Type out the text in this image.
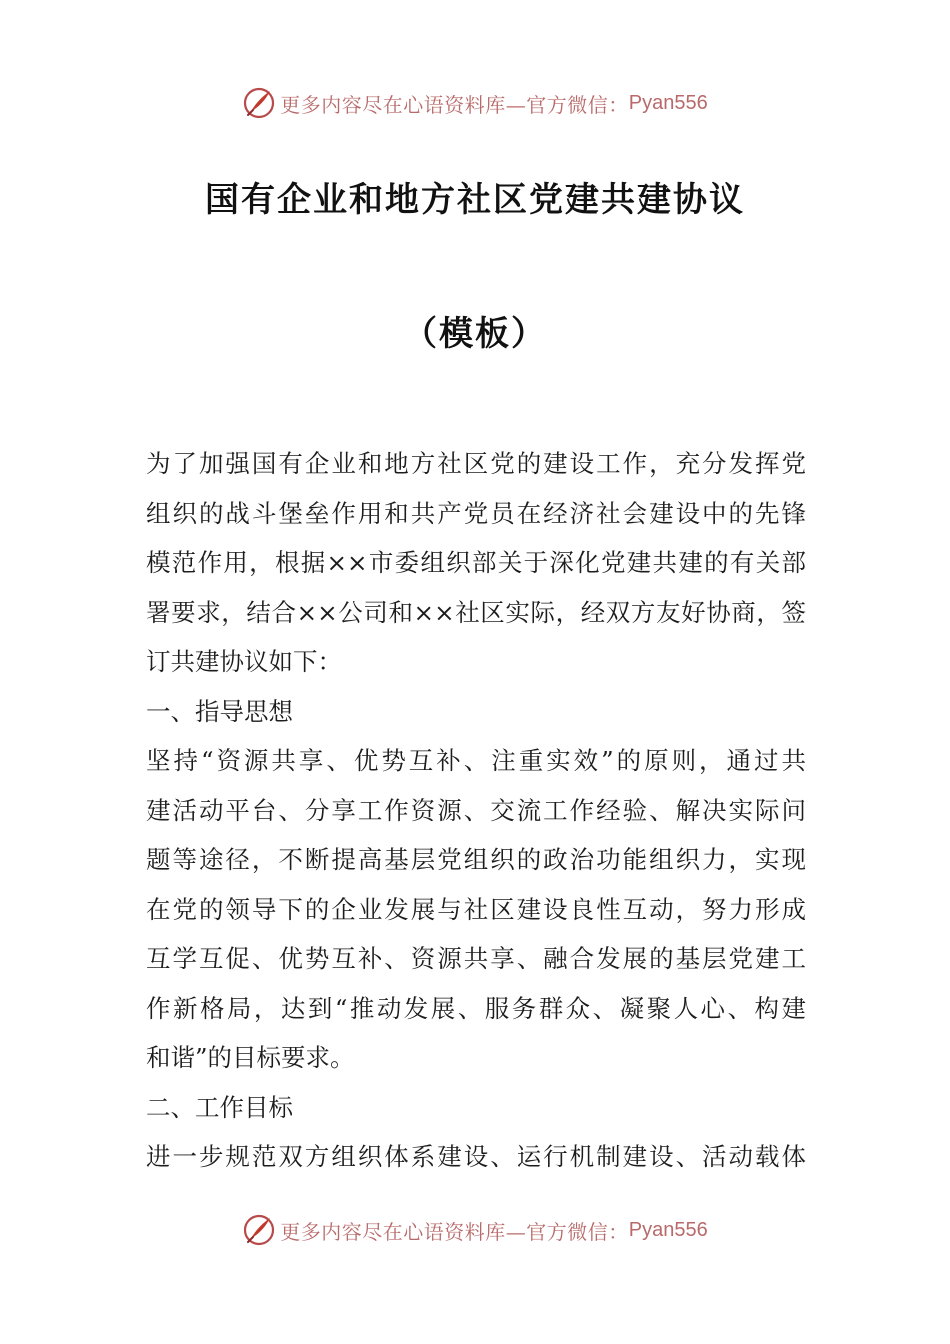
更多内容尽在心语资料库—官方微信： Pyan556
国有企业和地方社区党建共建协议
（模板）
为了加强国有企业和地方社区党的建设工作，充分发挥党
组织的战斗堡垒作用和共产党员在经济社会建设中的先锋
模范作用，根据××市委组织部关于深化党建共建的有关部
署要求，结合××公司和××社区实际，经双方友好协商，签
订共建协议如下：
一、指导思想
坚持“资源共享、优势互补、注重实效”的原则，通过共
建活动平台、分享工作资源、交流工作经验、解决实际问
题等途径，不断提高基层党组织的政治功能组织力，实现
在党的领导下的企业发展与社区建设良性互动，努力形成
互学互促、优势互补、资源共享、融合发展的基层党建工
作新格局，达到“推动发展、服务群众、凝聚人心、构建
和谐”的目标要求。
二、工作目标
进一步规范双方组织体系建设、运行机制建设、活动载体
更多内容尽在心语资料库—官方微信： Pyan556
